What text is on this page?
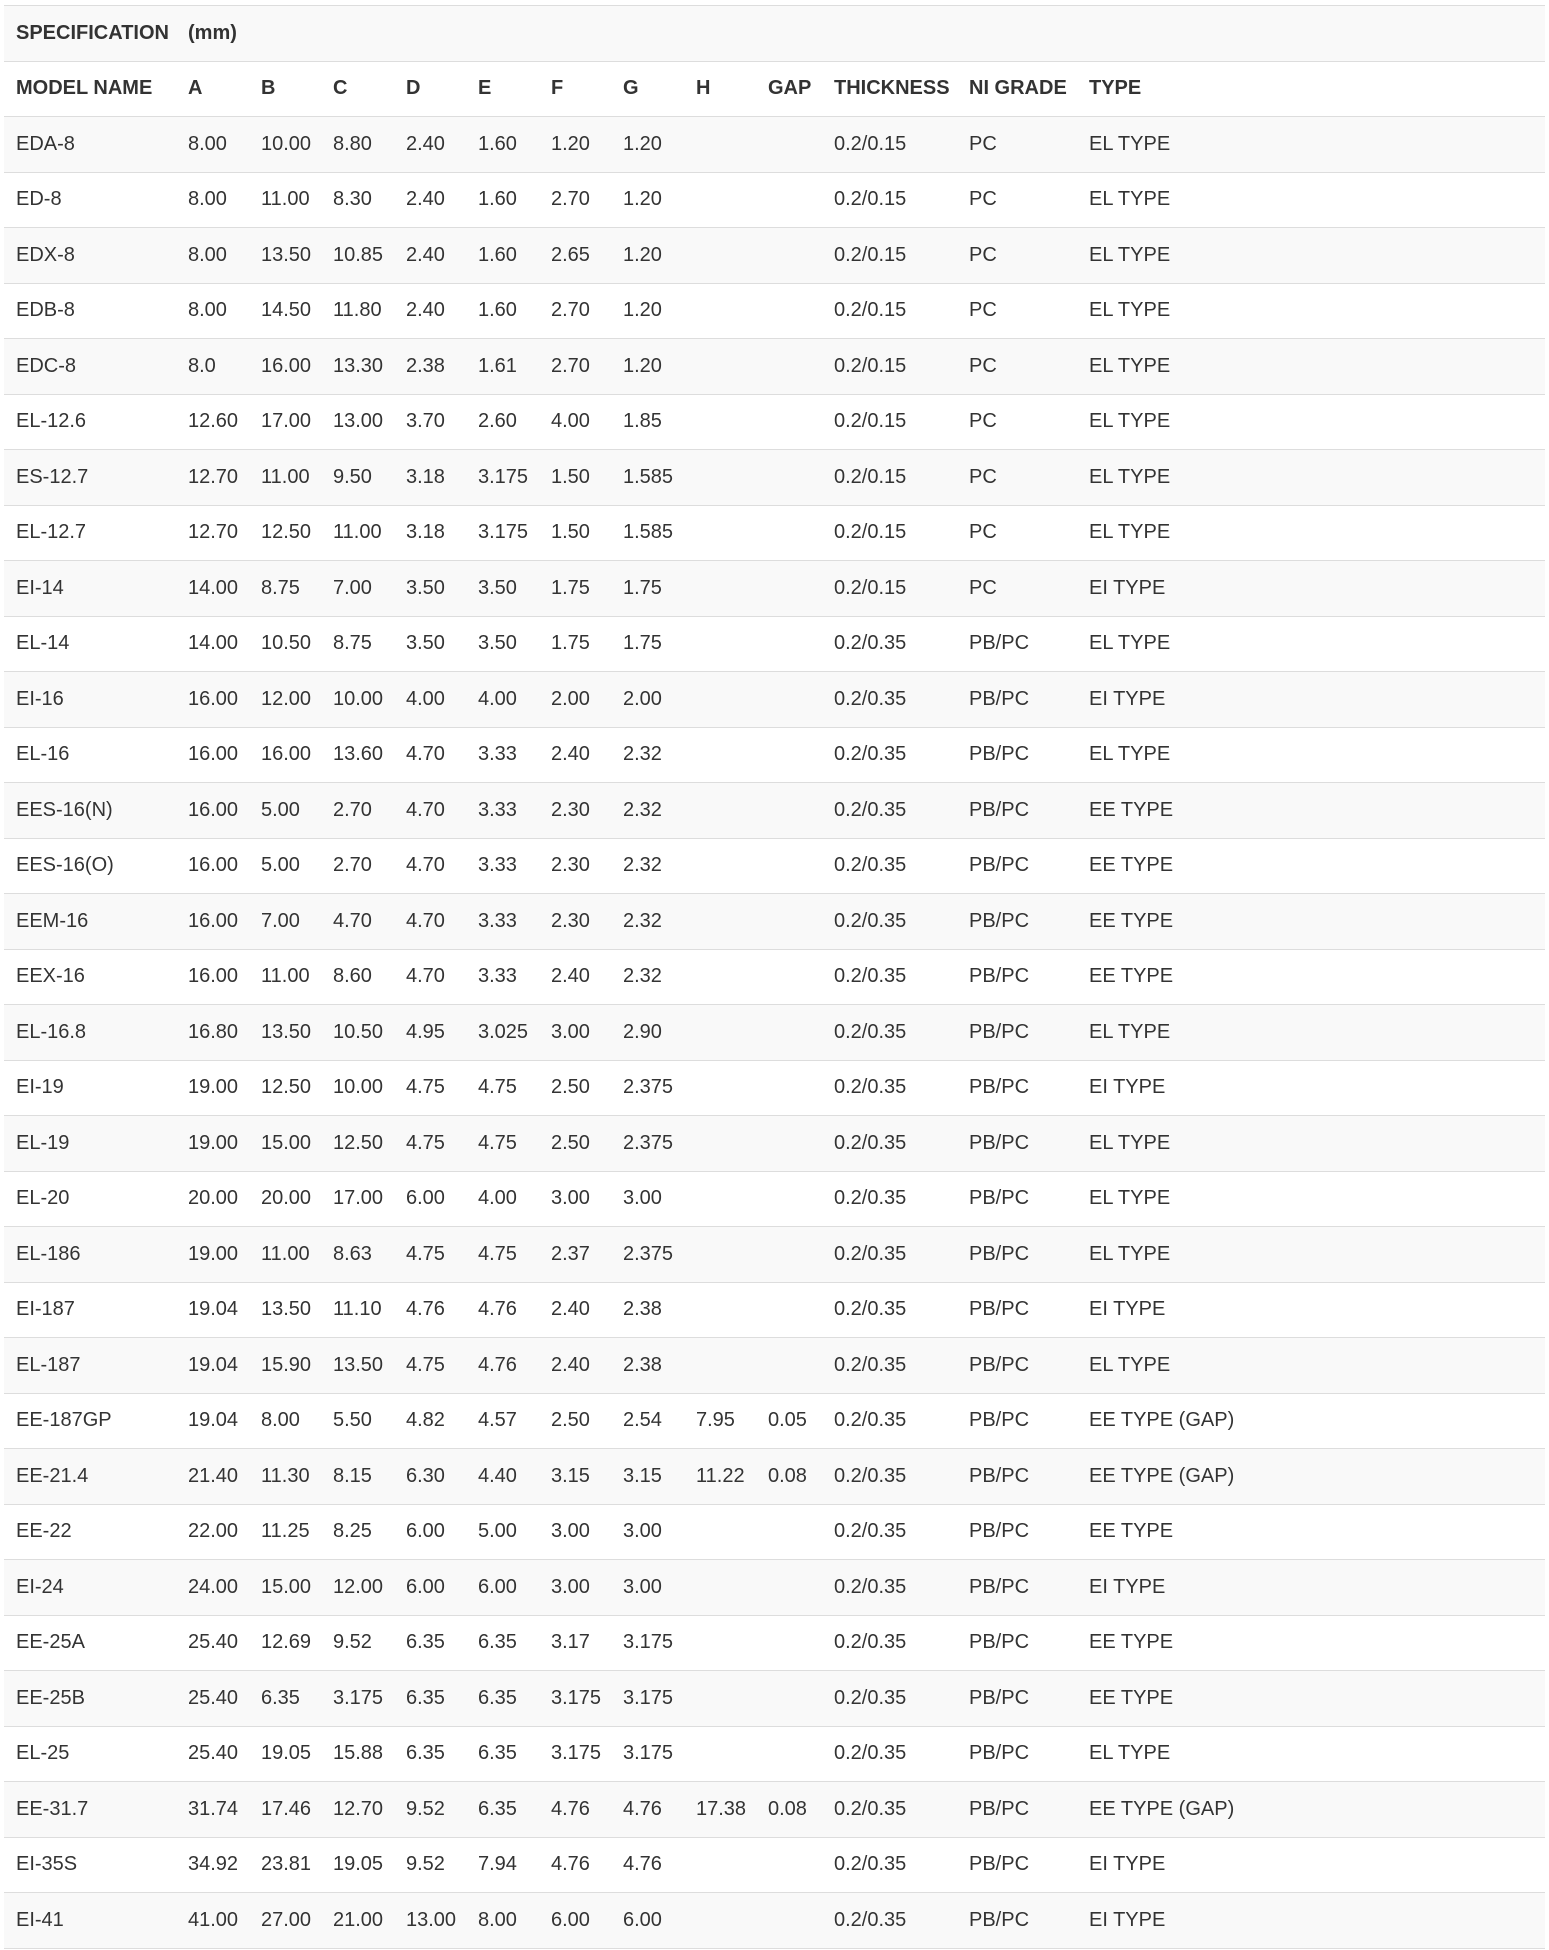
SPECIFICATION	(mm)											
MODEL NAME	A	B	C	D	E	F	G	H	GAP	THICKNESS	NI GRADE	TYPE
EDA-8	8.00	10.00	8.80	2.40	1.60	1.20	1.20			0.2/0.15	PC	EL TYPE
ED-8	8.00	11.00	8.30	2.40	1.60	2.70	1.20			0.2/0.15	PC	EL TYPE
EDX-8	8.00	13.50	10.85	2.40	1.60	2.65	1.20			0.2/0.15	PC	EL TYPE
EDB-8	8.00	14.50	11.80	2.40	1.60	2.70	1.20			0.2/0.15	PC	EL TYPE
EDC-8	8.0	16.00	13.30	2.38	1.61	2.70	1.20			0.2/0.15	PC	EL TYPE
EL-12.6	12.60	17.00	13.00	3.70	2.60	4.00	1.85			0.2/0.15	PC	EL TYPE
ES-12.7	12.70	11.00	9.50	3.18	3.175	1.50	1.585			0.2/0.15	PC	EL TYPE
EL-12.7	12.70	12.50	11.00	3.18	3.175	1.50	1.585			0.2/0.15	PC	EL TYPE
EI-14	14.00	8.75	7.00	3.50	3.50	1.75	1.75			0.2/0.15	PC	EI TYPE
EL-14	14.00	10.50	8.75	3.50	3.50	1.75	1.75			0.2/0.35	PB/PC	EL TYPE
EI-16	16.00	12.00	10.00	4.00	4.00	2.00	2.00			0.2/0.35	PB/PC	EI TYPE
EL-16	16.00	16.00	13.60	4.70	3.33	2.40	2.32			0.2/0.35	PB/PC	EL TYPE
EES-16(N)	16.00	5.00	2.70	4.70	3.33	2.30	2.32			0.2/0.35	PB/PC	EE TYPE
EES-16(O)	16.00	5.00	2.70	4.70	3.33	2.30	2.32			0.2/0.35	PB/PC	EE TYPE
EEM-16	16.00	7.00	4.70	4.70	3.33	2.30	2.32			0.2/0.35	PB/PC	EE TYPE
EEX-16	16.00	11.00	8.60	4.70	3.33	2.40	2.32			0.2/0.35	PB/PC	EE TYPE
EL-16.8	16.80	13.50	10.50	4.95	3.025	3.00	2.90			0.2/0.35	PB/PC	EL TYPE
EI-19	19.00	12.50	10.00	4.75	4.75	2.50	2.375			0.2/0.35	PB/PC	EI TYPE
EL-19	19.00	15.00	12.50	4.75	4.75	2.50	2.375			0.2/0.35	PB/PC	EL TYPE
EL-20	20.00	20.00	17.00	6.00	4.00	3.00	3.00			0.2/0.35	PB/PC	EL TYPE
EL-186	19.00	11.00	8.63	4.75	4.75	2.37	2.375			0.2/0.35	PB/PC	EL TYPE
EI-187	19.04	13.50	11.10	4.76	4.76	2.40	2.38			0.2/0.35	PB/PC	EI TYPE
EL-187	19.04	15.90	13.50	4.75	4.76	2.40	2.38			0.2/0.35	PB/PC	EL TYPE
EE-187GP	19.04	8.00	5.50	4.82	4.57	2.50	2.54	7.95	0.05	0.2/0.35	PB/PC	EE TYPE (GAP)
EE-21.4	21.40	11.30	8.15	6.30	4.40	3.15	3.15	11.22	0.08	0.2/0.35	PB/PC	EE TYPE (GAP)
EE-22	22.00	11.25	8.25	6.00	5.00	3.00	3.00			0.2/0.35	PB/PC	EE TYPE
EI-24	24.00	15.00	12.00	6.00	6.00	3.00	3.00			0.2/0.35	PB/PC	EI TYPE
EE-25A	25.40	12.69	9.52	6.35	6.35	3.17	3.175			0.2/0.35	PB/PC	EE TYPE
EE-25B	25.40	6.35	3.175	6.35	6.35	3.175	3.175			0.2/0.35	PB/PC	EE TYPE
EL-25	25.40	19.05	15.88	6.35	6.35	3.175	3.175			0.2/0.35	PB/PC	EL TYPE
EE-31.7	31.74	17.46	12.70	9.52	6.35	4.76	4.76	17.38	0.08	0.2/0.35	PB/PC	EE TYPE (GAP)
EI-35S	34.92	23.81	19.05	9.52	7.94	4.76	4.76			0.2/0.35	PB/PC	EI TYPE
EI-41	41.00	27.00	21.00	13.00	8.00	6.00	6.00			0.2/0.35	PB/PC	EI TYPE
